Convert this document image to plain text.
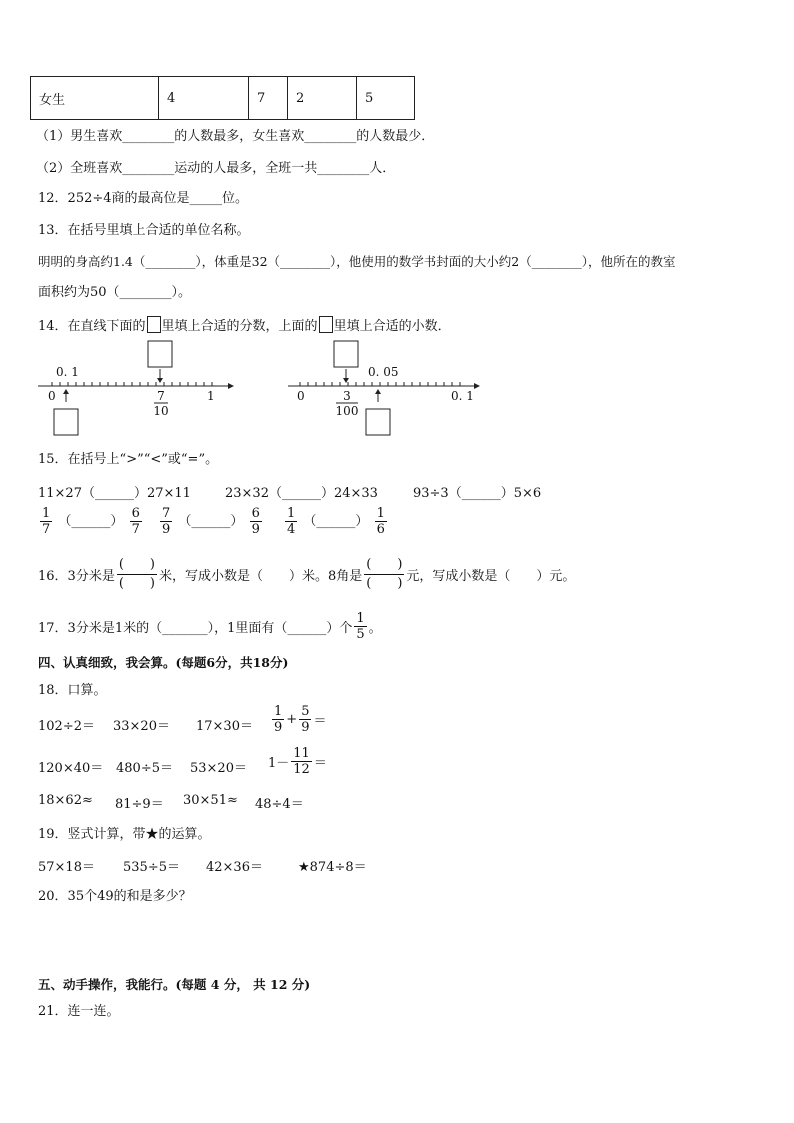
女生	4	7	2	5
（1）男生喜欢________的人数最多，女生喜欢________的人数最少．
（2）全班喜欢________运动的人最多，全班一共________人．
12．252÷4商的最高位是_____位。
13．在括号里填上合适的单位名称。
明明的身高约1.4（________），体重是32（________），他使用的数学书封面的大小约2（________），他所在的教室
面积约为50（________）。
14．在直线下面的 里填上合适的分数，上面的 里填上合适的小数．
0. 1
0	1
7
10
0. 05
0	0. 1
3
100
15．在括号上“>”“<”或“=”。
11×27（______）27×11	23×32（______）24×33	93÷3（______）5×6
$\frac{1}{7}$ （______） $\frac{6}{7} \frac{7}{9}$ （______） $\frac{6}{9} \frac{1}{4}$ （______） $\frac{1}{6}$
16．3分米是 $\frac{( )}{( )}$ 米，写成小数是（　　）米。8角是 $\frac{( )}{( )}$ 元，写成小数是（　　）元。
17．3分米是1米的（_______），1里面有（______）个 $\frac{1}{5}$ 。
四、认真细致，我会算。(每题6分，共18分)
18．口算。
$102\div 2= 33\times 20= 17\times 30= \frac{1}{9} + \frac{5}{9}$ ＝
$120\times 40= 480\div 5= 53\times 20= 1- \frac{11}{12}$ ＝
18×62≈ 81÷9＝ 30×51≈ 48÷4＝
19．竖式计算，带★的运算。
57×18＝ 535÷5＝ 42×36＝	★874÷8＝
20．35个49的和是多少？
五、动手操作，我能行。(每题 4 分， 共 12 分)
21．连一连。
